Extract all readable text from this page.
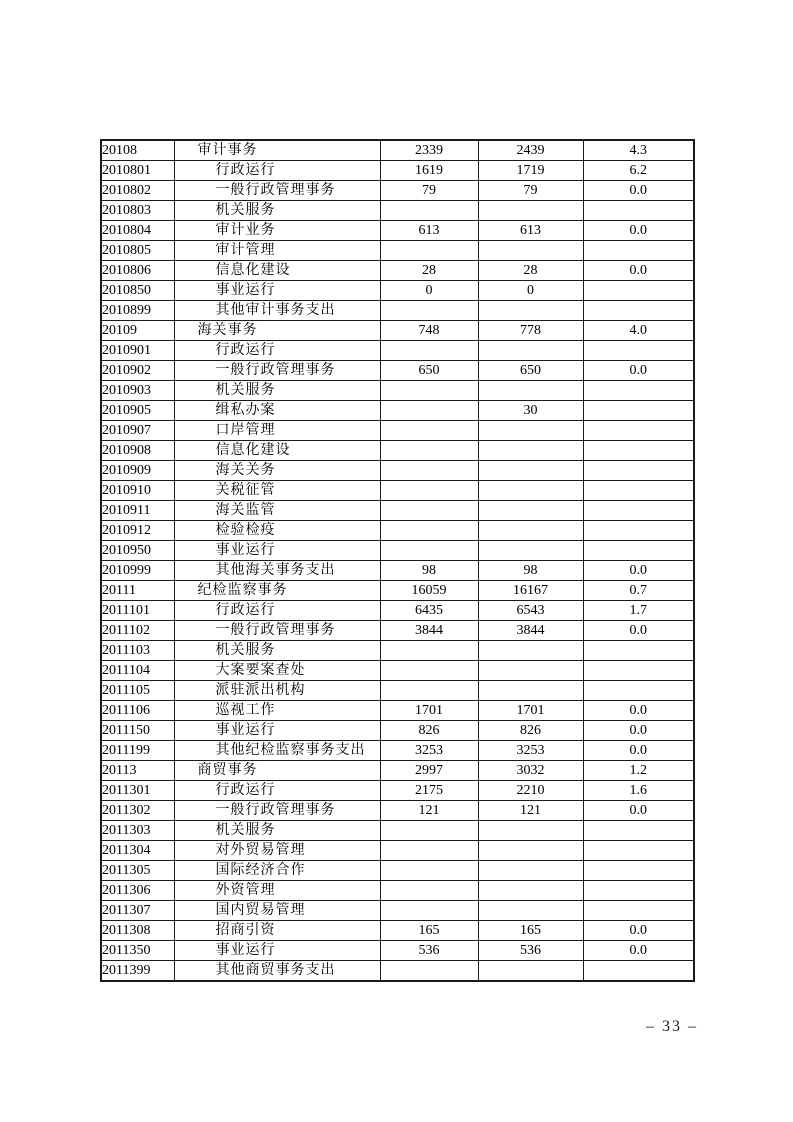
20108	审计事务	2339	2439	4.3
2010801	行政运行	1619	1719	6.2
2010802	一般行政管理事务	79	79	0.0
2010803	机关服务			
2010804	审计业务	613	613	0.0
2010805	审计管理			
2010806	信息化建设	28	28	0.0
2010850	事业运行	0	0	
2010899	其他审计事务支出			
20109	海关事务	748	778	4.0
2010901	行政运行			
2010902	一般行政管理事务	650	650	0.0
2010903	机关服务			
2010905	缉私办案		30	
2010907	口岸管理			
2010908	信息化建设			
2010909	海关关务			
2010910	关税征管			
2010911	海关监管			
2010912	检验检疫			
2010950	事业运行			
2010999	其他海关事务支出	98	98	0.0
20111	纪检监察事务	16059	16167	0.7
2011101	行政运行	6435	6543	1.7
2011102	一般行政管理事务	3844	3844	0.0
2011103	机关服务			
2011104	大案要案查处			
2011105	派驻派出机构			
2011106	巡视工作	1701	1701	0.0
2011150	事业运行	826	826	0.0
2011199	其他纪检监察事务支出	3253	3253	0.0
20113	商贸事务	2997	3032	1.2
2011301	行政运行	2175	2210	1.6
2011302	一般行政管理事务	121	121	0.0
2011303	机关服务			
2011304	对外贸易管理			
2011305	国际经济合作			
2011306	外资管理			
2011307	国内贸易管理			
2011308	招商引资	165	165	0.0
2011350	事业运行	536	536	0.0
2011399	其他商贸事务支出			
– 33 –
